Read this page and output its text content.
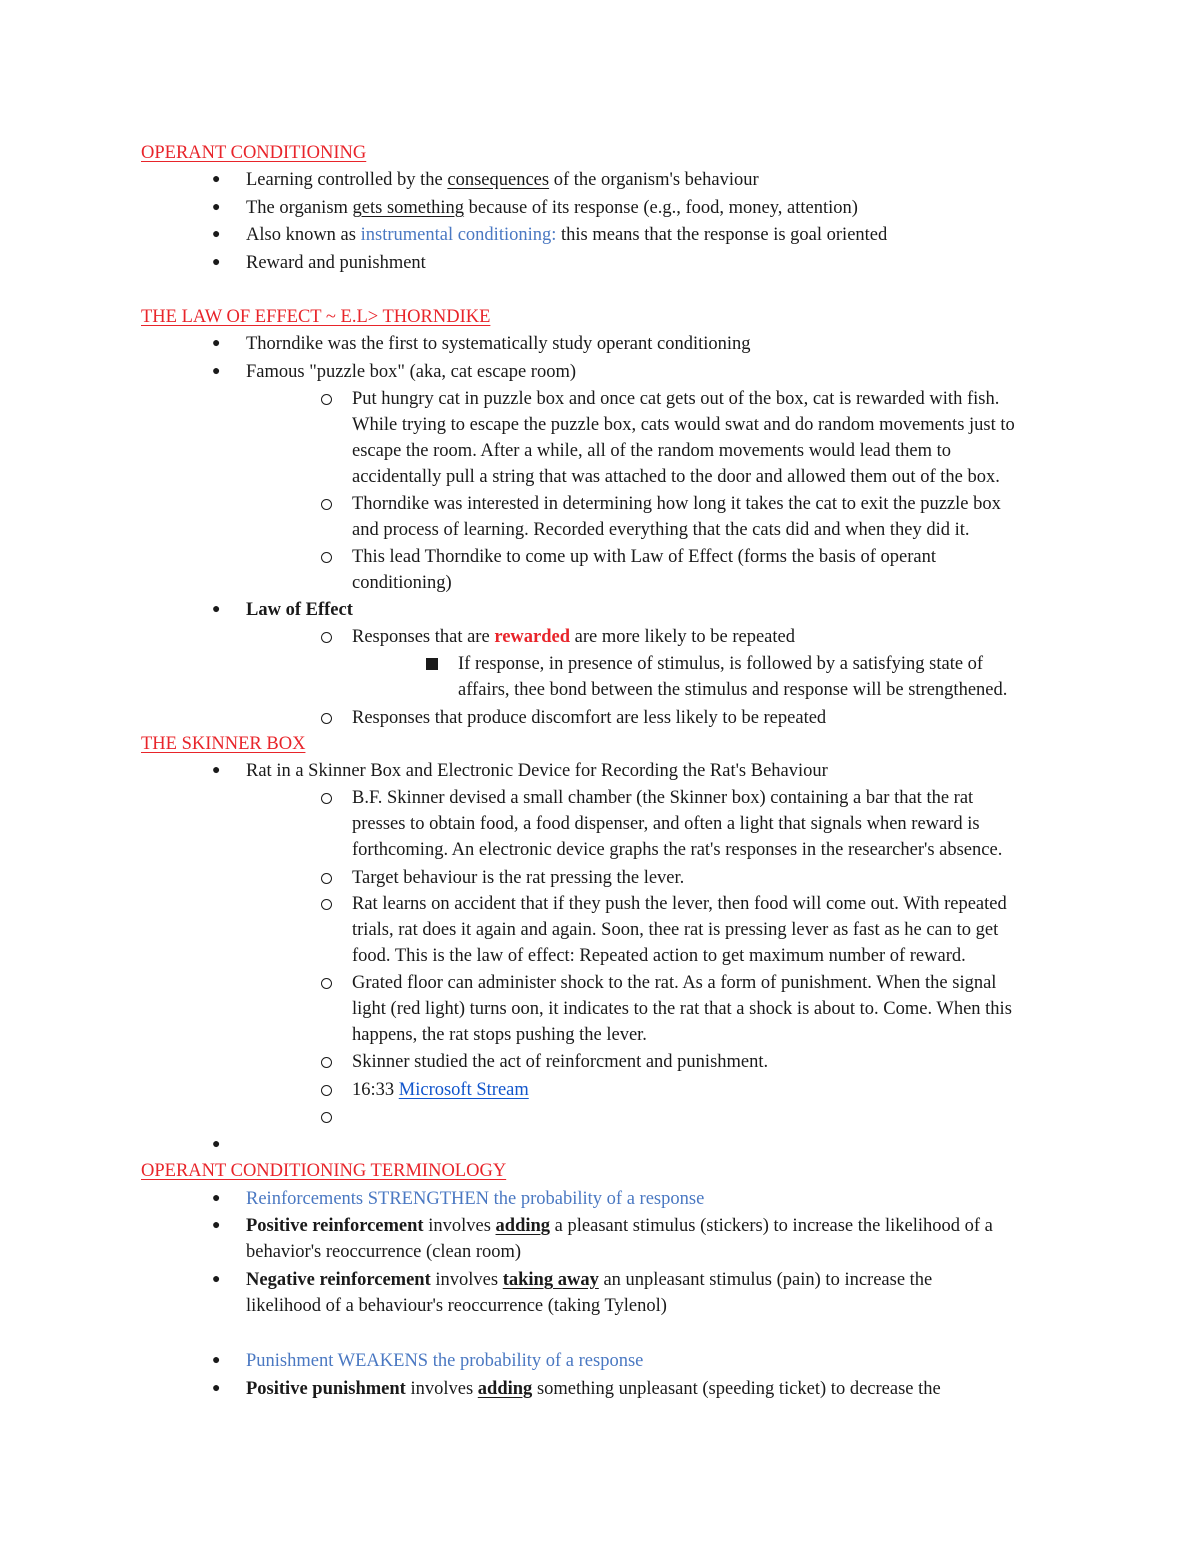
OPERANT CONDITIONING
● Learning controlled by the consequences of the organism's behaviour
● The organism gets something because of its response (e.g., food, money, attention)
● Also known as instrumental conditioning: this means that the response is goal oriented
● Reward and punishment
THE LAW OF EFFECT ~ E.L> THORNDIKE
● Thorndike was the first to systematically study operant conditioning
● Famous "puzzle box" (aka, cat escape room)
Put hungry cat in puzzle box and once cat gets out of the box, cat is rewarded with fish.
While trying to escape the puzzle box, cats would swat and do random movements just to
escape the room. After a while, all of the random movements would lead them to
accidentally pull a string that was attached to the door and allowed them out of the box.
Thorndike was interested in determining how long it takes the cat to exit the puzzle box
and process of learning. Recorded everything that the cats did and when they did it.
This lead Thorndike to come up with Law of Effect (forms the basis of operant
conditioning)
● Law of Effect
Responses that are rewarded are more likely to be repeated
If response, in presence of stimulus, is followed by a satisfying state of
affairs, thee bond between the stimulus and response will be strengthened.
Responses that produce discomfort are less likely to be repeated
THE SKINNER BOX
● Rat in a Skinner Box and Electronic Device for Recording the Rat's Behaviour
B.F. Skinner devised a small chamber (the Skinner box) containing a bar that the rat
presses to obtain food, a food dispenser, and often a light that signals when reward is
forthcoming. An electronic device graphs the rat's responses in the researcher's absence.
Target behaviour is the rat pressing the lever.
Rat learns on accident that if they push the lever, then food will come out. With repeated
trials, rat does it again and again. Soon, thee rat is pressing lever as fast as he can to get
food. This is the law of effect: Repeated action to get maximum number of reward.
Grated floor can administer shock to the rat. As a form of punishment. When the signal
light (red light) turns oon, it indicates to the rat that a shock is about to. Come. When this
happens, the rat stops pushing the lever.
Skinner studied the act of reinforcment and punishment.
16:33 Microsoft Stream
●
OPERANT CONDITIONING TERMINOLOGY
● Reinforcements STRENGTHEN the probability of a response
● Positive reinforcement involves adding a pleasant stimulus (stickers) to increase the likelihood of a
behavior's reoccurrence (clean room)
● Negative reinforcement involves taking away an unpleasant stimulus (pain) to increase the
likelihood of a behaviour's reoccurrence (taking Tylenol)
● Punishment WEAKENS the probability of a response
● Positive punishment involves adding something unpleasant (speeding ticket) to decrease the
